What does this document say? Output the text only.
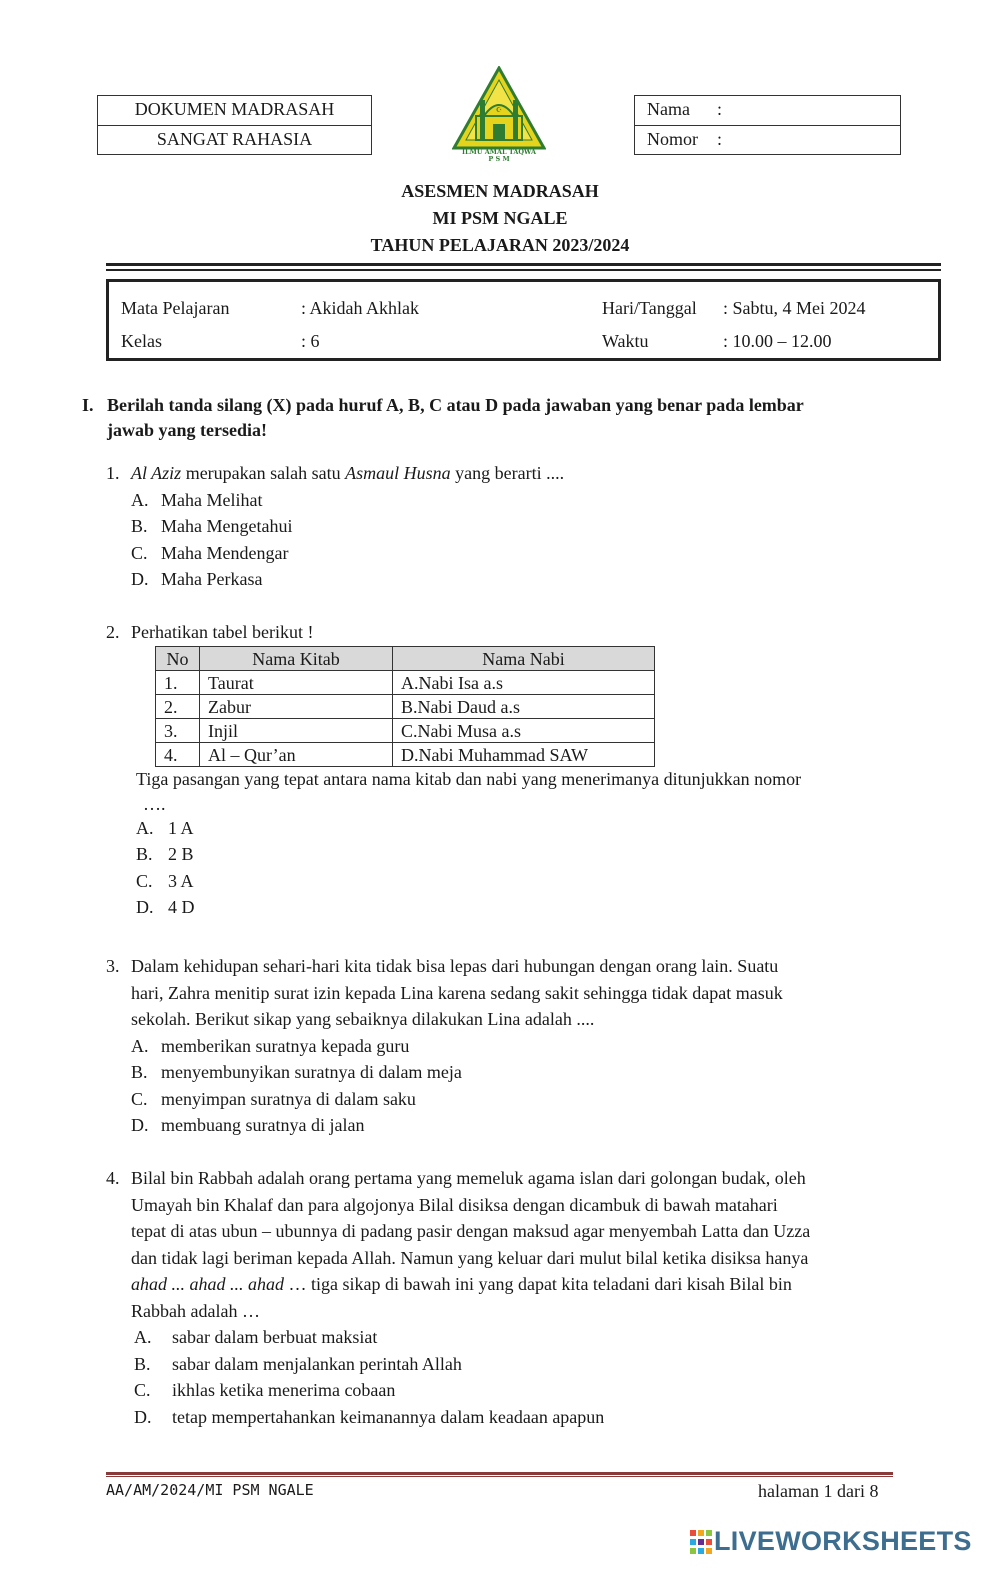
DOKUMEN MADRASAH
SANGAT RAHASIA
☪
ILMU AMAL TAQWA
P S M
Nama :
Nomor :
ASESMEN MADRASAH
MI PSM NGALE
TAHUN PELAJARAN 2023/2024
Mata Pelajaran	: Akidah Akhlak	Hari/Tanggal : Sabtu, 4 Mei 2024
Kelas	: 6	Waktu	: 10.00 – 12.00
I. Berilah tanda silang (X) pada huruf A, B, C atau D pada jawaban yang benar pada lembar
jawab yang tersedia!
1. Al Aziz merupakan salah satu Asmaul Husna yang berarti ....
A. Maha Melihat
B. Maha Mengetahui
C. Maha Mendengar
D. Maha Perkasa
2. Perhatikan tabel berikut !
No	Nama Kitab	Nama Nabi
1.	Taurat	A.Nabi Isa a.s
2.	Zabur	B.Nabi Daud a.s
3.	Injil	C.Nabi Musa a.s
4.	Al – Qur’an	D.Nabi Muhammad SAW
Tiga pasangan yang tepat antara nama kitab dan nabi yang menerimanya ditunjukkan nomor
….
A. 1 A
B. 2 B
C. 3 A
D. 4 D
3. Dalam kehidupan sehari-hari kita tidak bisa lepas dari hubungan dengan orang lain. Suatu
hari, Zahra menitip surat izin kepada Lina karena sedang sakit sehingga tidak dapat masuk
sekolah. Berikut sikap yang sebaiknya dilakukan Lina adalah ....
A. memberikan suratnya kepada guru
B. menyembunyikan suratnya di dalam meja
C. menyimpan suratnya di dalam saku
D. membuang suratnya di jalan
4. Bilal bin Rabbah adalah orang pertama yang memeluk agama islan dari golongan budak, oleh
Umayah bin Khalaf dan para algojonya Bilal disiksa dengan dicambuk di bawah matahari
tepat di atas ubun – ubunnya di padang pasir dengan maksud agar menyembah Latta dan Uzza
dan tidak lagi beriman kepada Allah. Namun yang keluar dari mulut bilal ketika disiksa hanya
ahad ... ahad ... ahad … tiga sikap di bawah ini yang dapat kita teladani dari kisah Bilal bin
Rabbah adalah …
A. sabar dalam berbuat maksiat
B. sabar dalam menjalankan perintah Allah
C. ikhlas ketika menerima cobaan
D. tetap mempertahankan keimanannya dalam keadaan apapun
AA/AM/2024/MI PSM NGALE	halaman 1 dari 8
LIVEWORKSHEETS
